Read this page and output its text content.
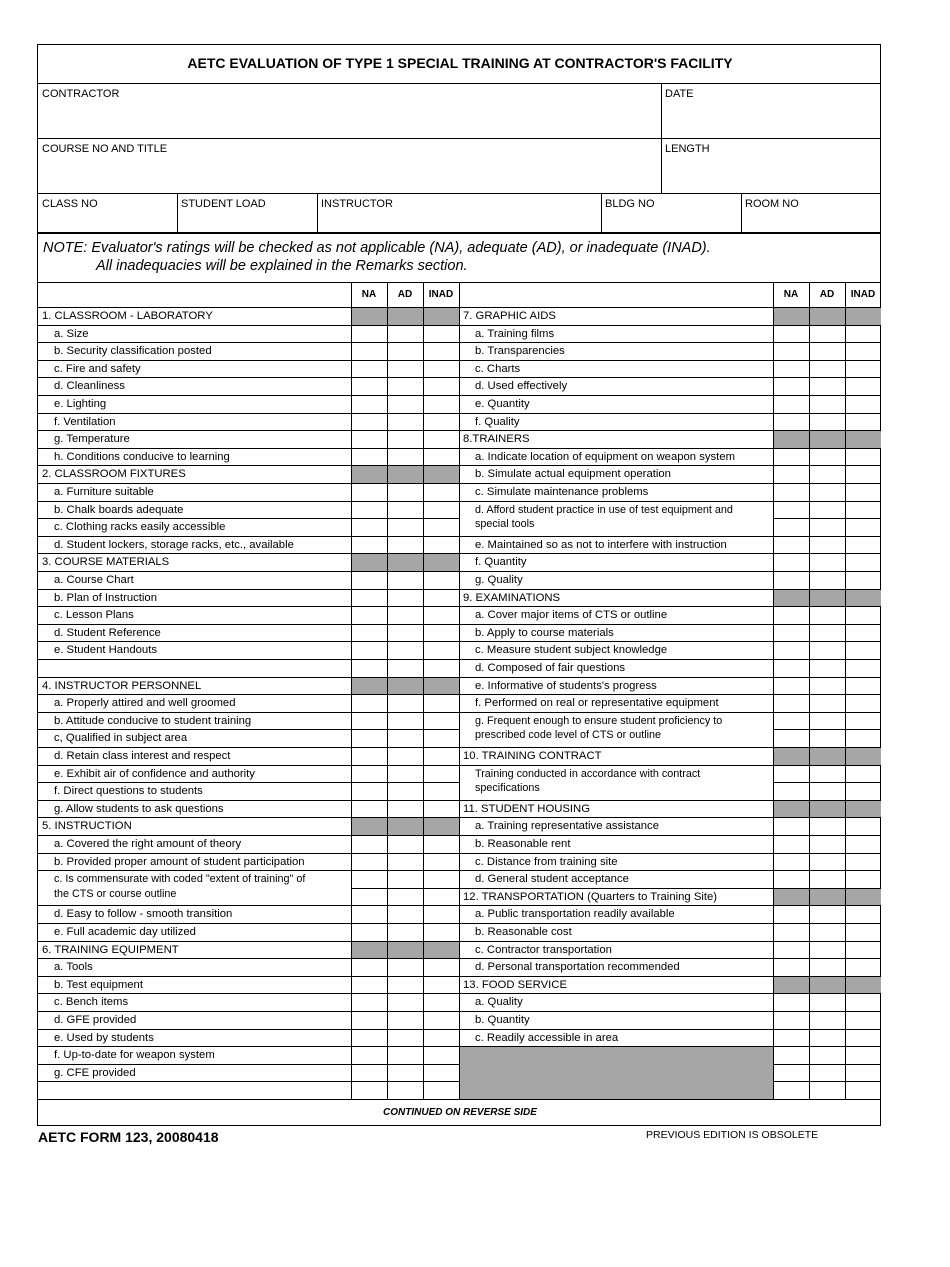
AETC EVALUATION OF TYPE 1 SPECIAL TRAINING AT CONTRACTOR'S FACILITY
CONTRACTOR	DATE
COURSE NO AND TITLE	LENGTH
CLASS NO	STUDENT LOAD	INSTRUCTOR	BLDG NO	ROOM NO
NOTE: Evaluator's ratings will be checked as not applicable (NA), adequate (AD), or inadequate (INAD).
All inadequacies will be explained in the Remarks section.
NA	AD	INAD	NA	AD	INAD
1. CLASSROOM - LABORATORY
a. Size
b. Security classification posted
c. Fire and safety
d. Cleanliness
e. Lighting
f. Ventilation
g. Temperature
h. Conditions conducive to learning
2. CLASSROOM FIXTURES
a. Furniture suitable
b. Chalk boards adequate
c. Clothing racks easily accessible
d. Student lockers, storage racks, etc., available
3. COURSE MATERIALS
a. Course Chart
b. Plan of Instruction
c. Lesson Plans
d. Student Reference
e. Student Handouts
4. INSTRUCTOR PERSONNEL
a. Properly attired and well groomed
b. Attitude conducive to student training
c, Qualified in subject area
d. Retain class interest and respect
e. Exhibit air of confidence and authority
f. Direct questions to students
g. Allow students to ask questions
5. INSTRUCTION
a. Covered the right amount of theory
b. Provided proper amount of student participation
c. Is commensurate with coded "extent of training" of
the CTS or course outline
d. Easy to follow - smooth transition
e. Full academic day utilized
6. TRAINING EQUIPMENT
a. Tools
b. Test equipment
c. Bench items
d. GFE provided
e. Used by students
f. Up-to-date for weapon system
g. CFE provided
7. GRAPHIC AIDS
a. Training films
b. Transparencies
c. Charts
d. Used effectively
e. Quantity
f. Quality
8.TRAINERS
a. Indicate location of equipment on weapon system
b. Simulate actual equipment operation
c. Simulate maintenance problems
d. Afford student practice in use of test equipment and
special tools
e. Maintained so as not to interfere with instruction
f. Quantity
g. Quality
9. EXAMINATIONS
a. Cover major items of CTS or outline
b. Apply to course materials
c. Measure student subject knowledge
d. Composed of fair questions
e. Informative of students's progress
f. Performed on real or representative equipment
g. Frequent enough to ensure student proficiency to
prescribed code level of CTS or outline
10. TRAINING CONTRACT
Training conducted in accordance with contract
specifications
11. STUDENT HOUSING
a. Training representative assistance
b. Reasonable rent
c. Distance from training site
d. General student acceptance
12. TRANSPORTATION (Quarters to Training Site)
a. Public transportation readily available
b. Reasonable cost
c. Contractor transportation
d. Personal transportation recommended
13. FOOD SERVICE
a. Quality
b. Quantity
c. Readily accessible in area
CONTINUED ON REVERSE SIDE
AETC FORM 123, 20080418	PREVIOUS EDITION IS OBSOLETE
